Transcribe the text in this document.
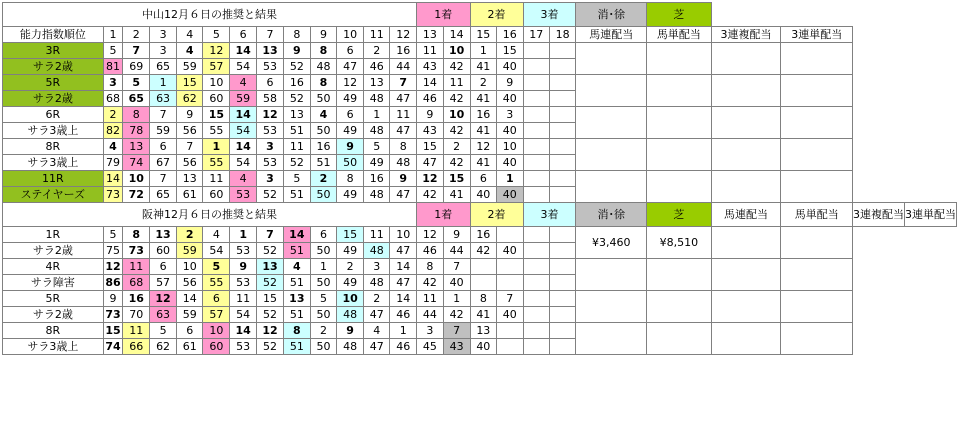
中山12月６日の推奨と結果													1着		2着		3着		消･徐	芝				
能力指数順位	1	2	3	4	5	6	7	8	9	10	11	12	13	14	15	16	17	18	馬連配当	馬単配当	3連複配当	3連単配当		
3R	5	7	3	4	12	14	13	9	8	6	2	16	11	10	1	15								
サラ2歳	81	69	65	59	57	54	53	52	48	47	46	44	43	42	41	40								
5R	3	5	1	15	10	4	6	16	8	12	13	7	14	11	2	9								
サラ2歳	68	65	63	62	60	59	58	52	50	49	48	47	46	42	41	40								
6R	2	8	7	9	15	14	12	13	4	6	1	11	9	10	16	3								
サラ3歳上	82	78	59	56	55	54	53	51	50	49	48	47	43	42	41	40								
8R	4	13	6	7	1	14	3	11	16	9	5	8	15	2	12	10								
サラ3歳上	79	74	67	56	55	54	53	52	51	50	49	48	47	42	41	40								
11R	14	10	7	13	11	4	3	5	2	8	16	9	12	15	6	1								
ステイヤーズ	73	72	65	61	60	53	52	51	50	49	48	47	42	41	40	40								
阪神12月６日の推奨と結果													1着		2着		3着		消･徐	芝	馬連配当	馬単配当	3連複配当	3連単配当
1R	5	8	13	2	4	1	7	14	6	15	11	10	12	9	16				¥3,460	¥8,510				
サラ2歳	75	73	60	59	54	53	52	51	50	49	48	47	46	44	42	40								
4R	12	11	6	10	5	9	13	4	1	2	3	14	8	7										
サラ障害	86	68	57	56	55	53	52	51	50	49	48	47	42	40										
5R	9	16	12	14	6	11	15	13	5	10	2	14	11	1	8	7								
サラ2歳	73	70	63	59	57	54	52	51	50	48	47	46	44	42	41	40								
8R	15	11	5	6	10	14	12	8	2	9	4	1	3	7	13									
サラ3歳上	74	66	62	61	60	53	52	51	50	48	47	46	45	43	40									
